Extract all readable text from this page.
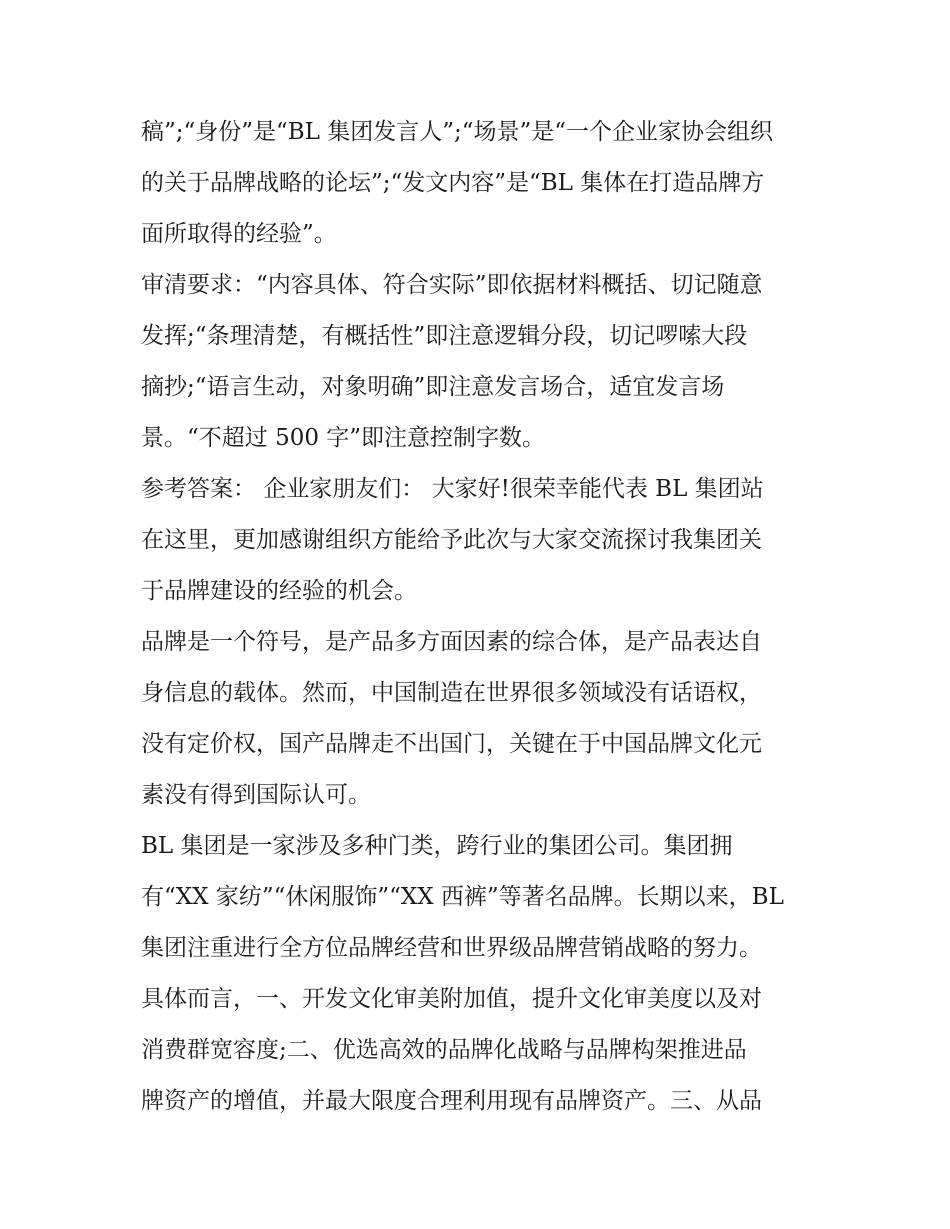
稿”;“身份”是“BL 集团发言人”;“场景”是“一个企业家协会组织
的关于品牌战略的论坛”;“发文内容”是“BL 集体在打造品牌方
面所取得的经验”。
审清要求：“内容具体、符合实际”即依据材料概括、切记随意
发挥;“条理清楚，有概括性”即注意逻辑分段，切记啰嗦大段
摘抄;“语言生动，对象明确”即注意发言场合，适宜发言场
景。“不超过 500 字”即注意控制字数。
参考答案： 企业家朋友们： 大家好!很荣幸能代表 BL 集团站
在这里，更加感谢组织方能给予此次与大家交流探讨我集团关
于品牌建设的经验的机会。
品牌是一个符号，是产品多方面因素的综合体，是产品表达自
身信息的载体。然而，中国制造在世界很多领域没有话语权，
没有定价权，国产品牌走不出国门，关键在于中国品牌文化元
素没有得到国际认可。
BL 集团是一家涉及多种门类，跨行业的集团公司。集团拥
有“XX 家纺”“休闲服饰”“XX 西裤”等著名品牌。长期以来，BL
集团注重进行全方位品牌经营和世界级品牌营销战略的努力。
具体而言，一、开发文化审美附加值，提升文化审美度以及对
消费群宽容度;二、优选高效的品牌化战略与品牌构架推进品
牌资产的增值，并最大限度合理利用现有品牌资产。三、从品
